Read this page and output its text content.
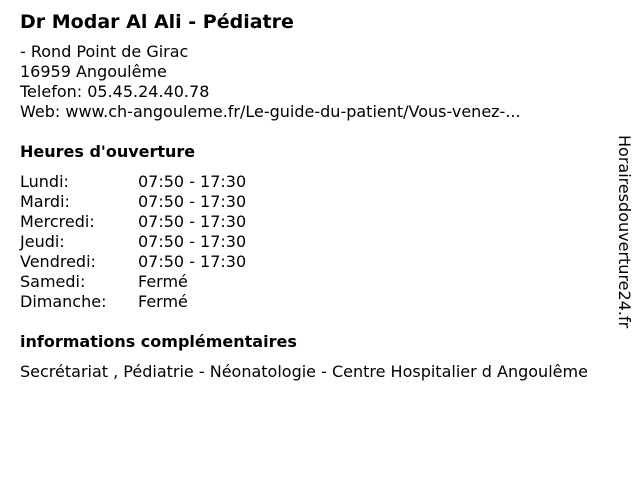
Dr Modar Al Ali - Pédiatre
- Rond Point de Girac
16959 Angoulême
Telefon: 05.45.24.40.78
Web: www.ch-angouleme.fr/Le-guide-du-patient/Vous-venez-...
Heures d'ouverture
Lundi:	07:50 - 17:30
Mardi:	07:50 - 17:30
Mercredi:	07:50 - 17:30
Jeudi:	07:50 - 17:30
Vendredi:	07:50 - 17:30
Samedi:	Fermé
Dimanche:	Fermé
informations complémentaires
Secrétariat , Pédiatrie - Néonatologie - Centre Hospitalier d Angoulême
Horairesdouverture24.fr
